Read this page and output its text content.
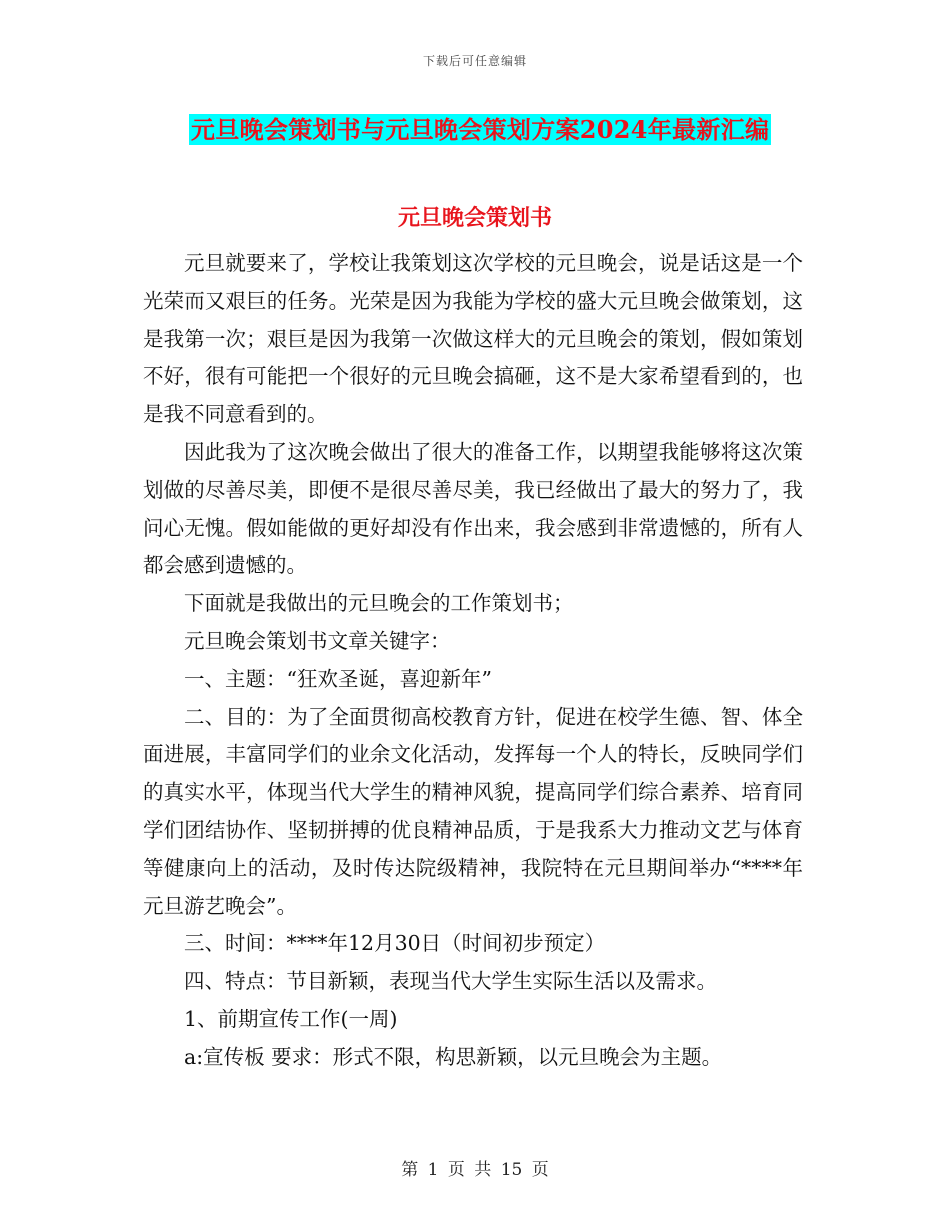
下载后可任意编辑
元旦晚会策划书与元旦晚会策划方案2024年最新汇编
元旦晚会策划书

元旦就要来了，学校让我策划这次学校的元旦晚会，说是话这是一个光荣而又艰巨的任务。光荣是因为我能为学校的盛大元旦晚会做策划，这是我第一次；艰巨是因为我第一次做这样大的元旦晚会的策划，假如策划不好，很有可能把一个很好的元旦晚会搞砸，这不是大家希望看到的，也是我不同意看到的。

因此我为了这次晚会做出了很大的准备工作，以期望我能够将这次策划做的尽善尽美，即便不是很尽善尽美，我已经做出了最大的努力了，我问心无愧。假如能做的更好却没有作出来，我会感到非常遗憾的，所有人都会感到遗憾的。

下面就是我做出的元旦晚会的工作策划书；

元旦晚会策划书文章关键字：

一、主题：“狂欢圣诞，喜迎新年”

二、目的：为了全面贯彻高校教育方针，促进在校学生德、智、体全面进展，丰富同学们的业余文化活动，发挥每一个人的特长，反映同学们的真实水平，体现当代大学生的精神风貌，提高同学们综合素养、培育同学们团结协作、坚韧拼搏的优良精神品质，于是我系大力推动文艺与体育等健康向上的活动，及时传达院级精神，我院特在元旦期间举办“****年元旦游艺晚会”。

三、时间：****年12月30日（时间初步预定）

四、特点：节目新颖，表现当代大学生实际生活以及需求。

1、前期宣传工作(一周)

a:宣传板 要求：形式不限，构思新颖，以元旦晚会为主题。

第 1 页 共 15 页
